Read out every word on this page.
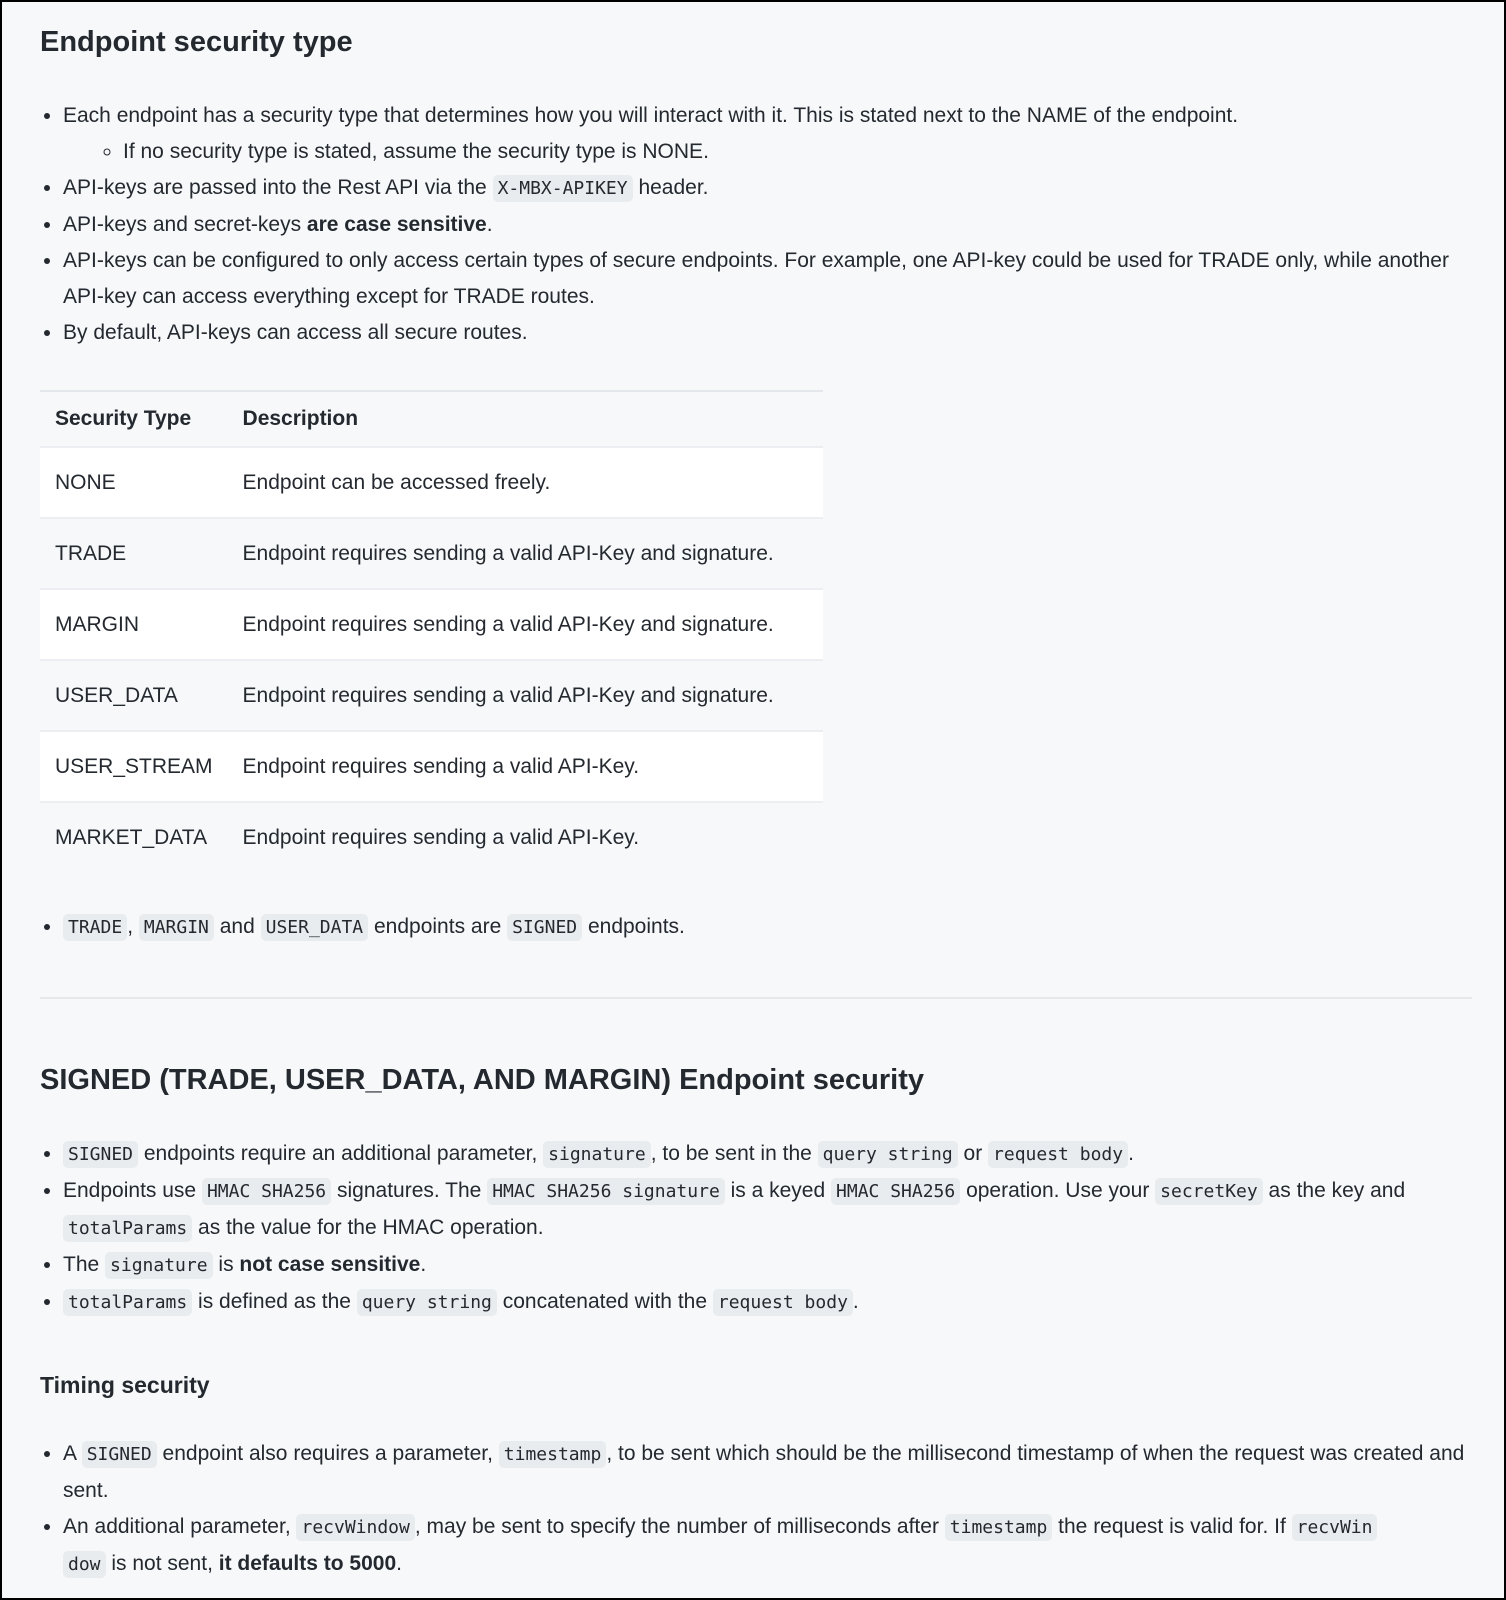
Endpoint security type
• Each endpoint has a security type that determines how you will interact with it. This is stated next to the NAME of the endpoint.
◦ If no security type is stated, assume the security type is NONE.
• API-keys are passed into the Rest API via the X-MBX-APIKEY header.
• API-keys and secret-keys are case sensitive.
• API-keys can be configured to only access certain types of secure endpoints. For example, one API-key could be used for TRADE only, while another API-key can access everything except for TRADE routes.
• By default, API-keys can access all secure routes.
Security Type	Description
NONE	Endpoint can be accessed freely.
TRADE	Endpoint requires sending a valid API-Key and signature.
MARGIN	Endpoint requires sending a valid API-Key and signature.
USER_DATA	Endpoint requires sending a valid API-Key and signature.
USER_STREAM	Endpoint requires sending a valid API-Key.
MARKET_DATA	Endpoint requires sending a valid API-Key.
• TRADE , MARGIN and USER_DATA endpoints are SIGNED endpoints.
SIGNED (TRADE, USER_DATA, AND MARGIN) Endpoint security
• SIGNED endpoints require an additional parameter, signature , to be sent in the query string or request body .
• Endpoints use HMAC SHA256 signatures. The HMAC SHA256 signature is a keyed HMAC SHA256 operation. Use your secretKey as the key and totalParams as the value for the HMAC operation.
• The signature is not case sensitive.
• totalParams is defined as the query string concatenated with the request body .
Timing security
• A SIGNED endpoint also requires a parameter, timestamp , to be sent which should be the millisecond timestamp of when the request was created and sent.
• An additional parameter, recvWindow , may be sent to specify the number of milliseconds after timestamp the request is valid for. If recvWin
dow is not sent, it defaults to 5000.
